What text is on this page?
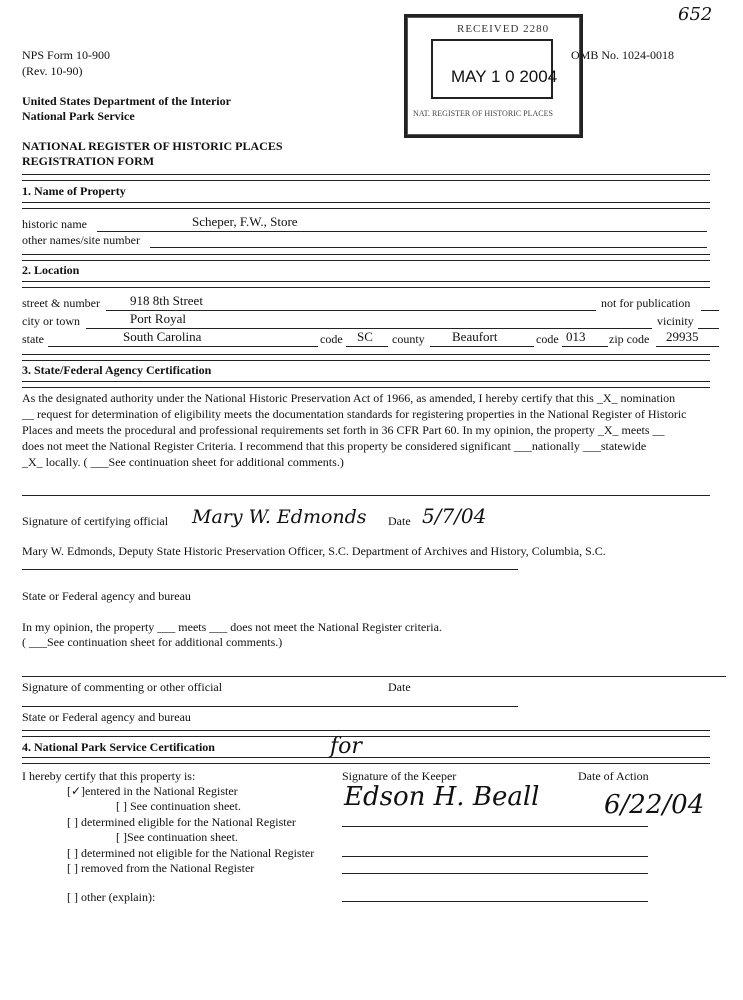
NPS Form 10-900
(Rev. 10-90)
United States Department of the Interior
National Park Service
OMB No. 1024-0018
652
NATIONAL REGISTER OF HISTORIC PLACES
REGISTRATION FORM
RECEIVED 2280
MAY 1 0 2004
NAT. REGISTER OF HISTORIC PLACES
1. Name of Property
historic name	Scheper, F.W., Store
other names/site number
2. Location
street & number 918 8th Street	not for publication
city or town	Port Royal	vicinity
state	South Carolina	code SC county Beaufort	code 013 zip code 29935
3. State/Federal Agency Certification
As the designated authority under the National Historic Preservation Act of 1966, as amended, I hereby certify that this _X_ nomination
__ request for determination of eligibility meets the documentation standards for registering properties in the National Register of Historic
Places and meets the procedural and professional requirements set forth in 36 CFR Part 60. In my opinion, the property _X_ meets __
does not meet the National Register Criteria. I recommend that this property be considered significant ___nationally ___statewide
_X_ locally. ( ___See continuation sheet for additional comments.)
Signature of certifying official Mary W. Edmonds Date 5/7/04
Mary W. Edmonds, Deputy State Historic Preservation Officer, S.C. Department of Archives and History, Columbia, S.C.
State or Federal agency and bureau
In my opinion, the property ___ meets ___ does not meet the National Register criteria.
( ___See continuation sheet for additional comments.)
Signature of commenting or other official	Date
State or Federal agency and bureau
4. National Park Service Certification
I hereby certify that this property is:	Signature of the Keeper	Date of Action
for
Edson H. Beall 6/22/04
[✓]entered in the National Register
[ ] See continuation sheet.
[ ] determined eligible for the National Register
[ ]See continuation sheet.
[ ] determined not eligible for the National Register
[ ] removed from the National Register
[ ] other (explain):
